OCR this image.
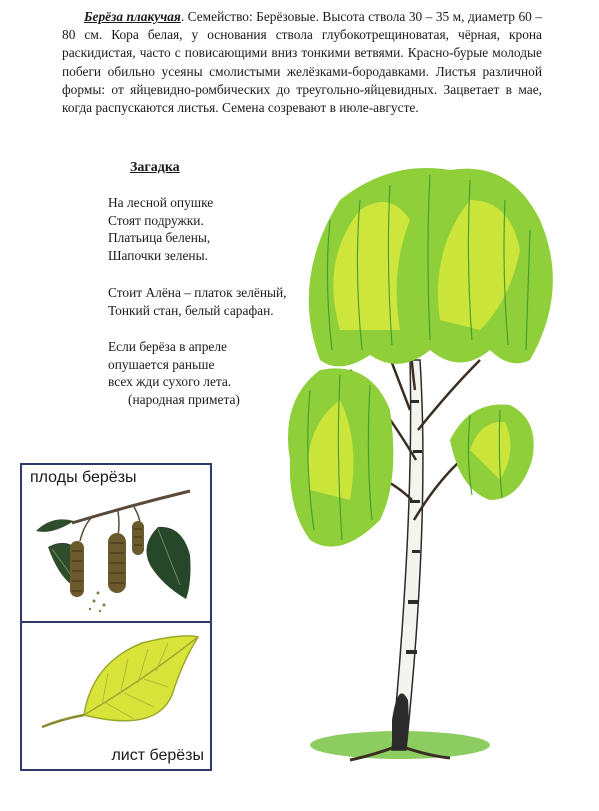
Берёза плакучая. Семейство: Берёзовые. Высота ствола 30 – 35 м, диаметр 60 – 80 см. Кора белая, у основания ствола глубокотрещиноватая, чёрная, крона раскидистая, часто с повисающими вниз тонкими ветвями. Красно-бурые молодые побеги обильно усеяны смолистыми желёзками-бородавками. Листья различной формы: от яйцевидно-ромбических до треугольно-яйцевидных. Зацветает в мае, когда распускаются листья. Семена созревают в июле-августе.

Загадка

На лесной опушке
Стоят подружки.
Платьица белены,
Шапочки зелены.
Стоит Алёна – платок зелёный,
Тонкий стан, белый сарафан.
Если берёза в апреле
опушается раньше
всех жди сухого лета.
(народная примета)
плоды берёзы
лист берёзы
